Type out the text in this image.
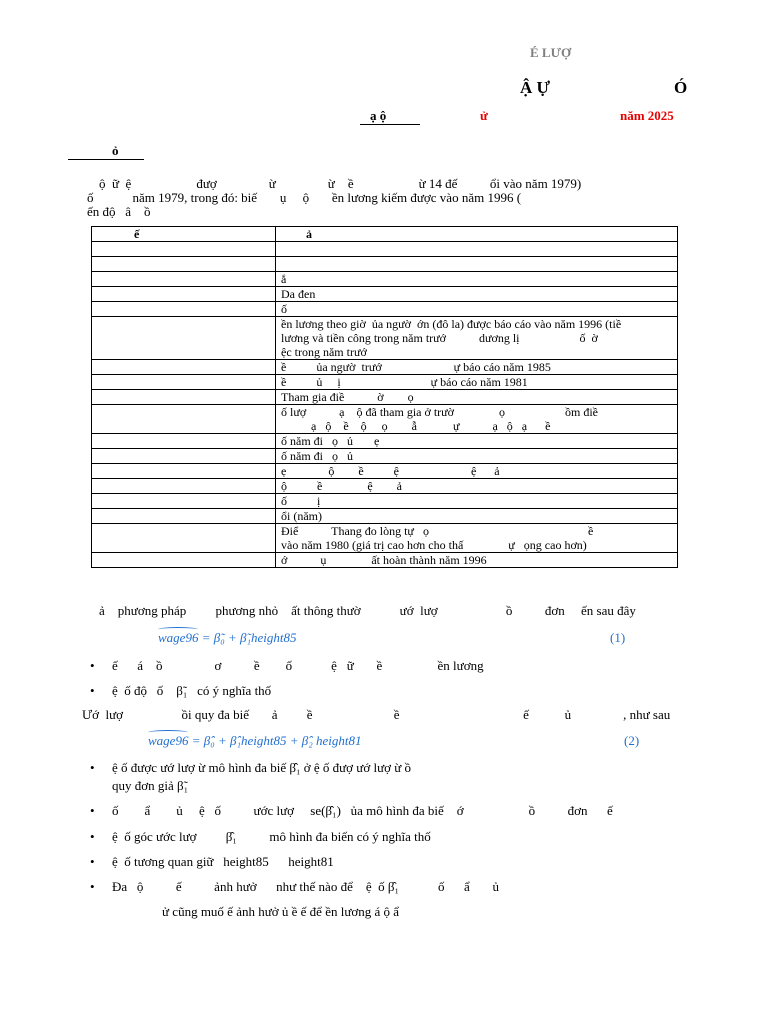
É LƯỢ
Ậ Ự	Ó
ạ ộ	ử	năm 2025
ỏ
ộ  ữ  ệ                    đượ                ừ                ừ    ề                    ừ 14 đế          ổi vào năm 1979)
ố            năm 1979, trong đó: biế       ụ     ộ       ền lương kiếm được vào năm 1996 (
ến độ   â    ồ
ế	ả

	ắ
	Da đen
	ố
	ền lương theo giờ  ủa ngườ  ớn (đô la) được báo cáo vào năm 1996 (tiề
lương và tiền công trong năm trướ           dương lị                    ố  ờ
ệc trong năm trướ
	ề          ủa ngườ  trướ                        ự báo cáo năm 1985
	ề          ủ     ị                              ự báo cáo năm 1981
	Tham gia điề           ờ        ọ
	ố lượ           ạ    ộ đã tham gia ở trườ               ọ                    ồm điề
ạ   ộ    ề    ộ     ọ        ẫ            ự           ạ   ộ   ạ      ề
	ố năm đi   ọ   ủ       ẹ
	ố năm đi   ọ   ủ
	ẹ              ộ        ề          ệ                        ệ      ả
	ộ          ề               ệ        ả
	ố          ị
	ổi (năm)
	Điể           Thang đo lòng tự   ọ                                                     ề
vào năm 1980 (giá trị cao hơn cho thấ               ự   ọng cao hơn)
	ớ           ụ               ất hoàn thành năm 1996
ả    phương pháp         phương nhỏ    ất thông thườ            ướ  lượ                     ồ          đơn     ến sau đây
wage96 = β̃₀ + β̃₁height85	(1)
• ế      á    ồ                ơ          ề        ố            ệ   ữ       ề                 ền lương
• ệ  ố độ   ố    β̃₁   có ý nghĩa thố
Ướ  lượ                  ồi quy đa biế       ả         ề                         ề                                      ế           ủ                , như sau
wage96 = β̂₀ + β̂₁height85 + β̂₂ height81	(2)
• ệ ố được ướ lượ ừ mô hình đa biế β̂₁ ở ệ ố đượ ướ lượ ừ ồ
quy đơn giả β̃₁
• ố        ẩ        ủ     ệ   ố          ước lượ     se(β̂₁)   ủa mô hình đa biế    ớ                    ồ          đơn      ế
• ệ  ố góc ước lượ         β̂₁          mô hình đa biến có ý nghĩa thố
• ệ  ố tương quan giữ   height85      height81
• Đa   ộ          ế          ảnh hưở      như thế nào để    ệ  ố β̂₁            ố      ẩ       ủ
ử cũng muố ế ảnh hưở ủ ề ế để ền lương á ộ ẩ
